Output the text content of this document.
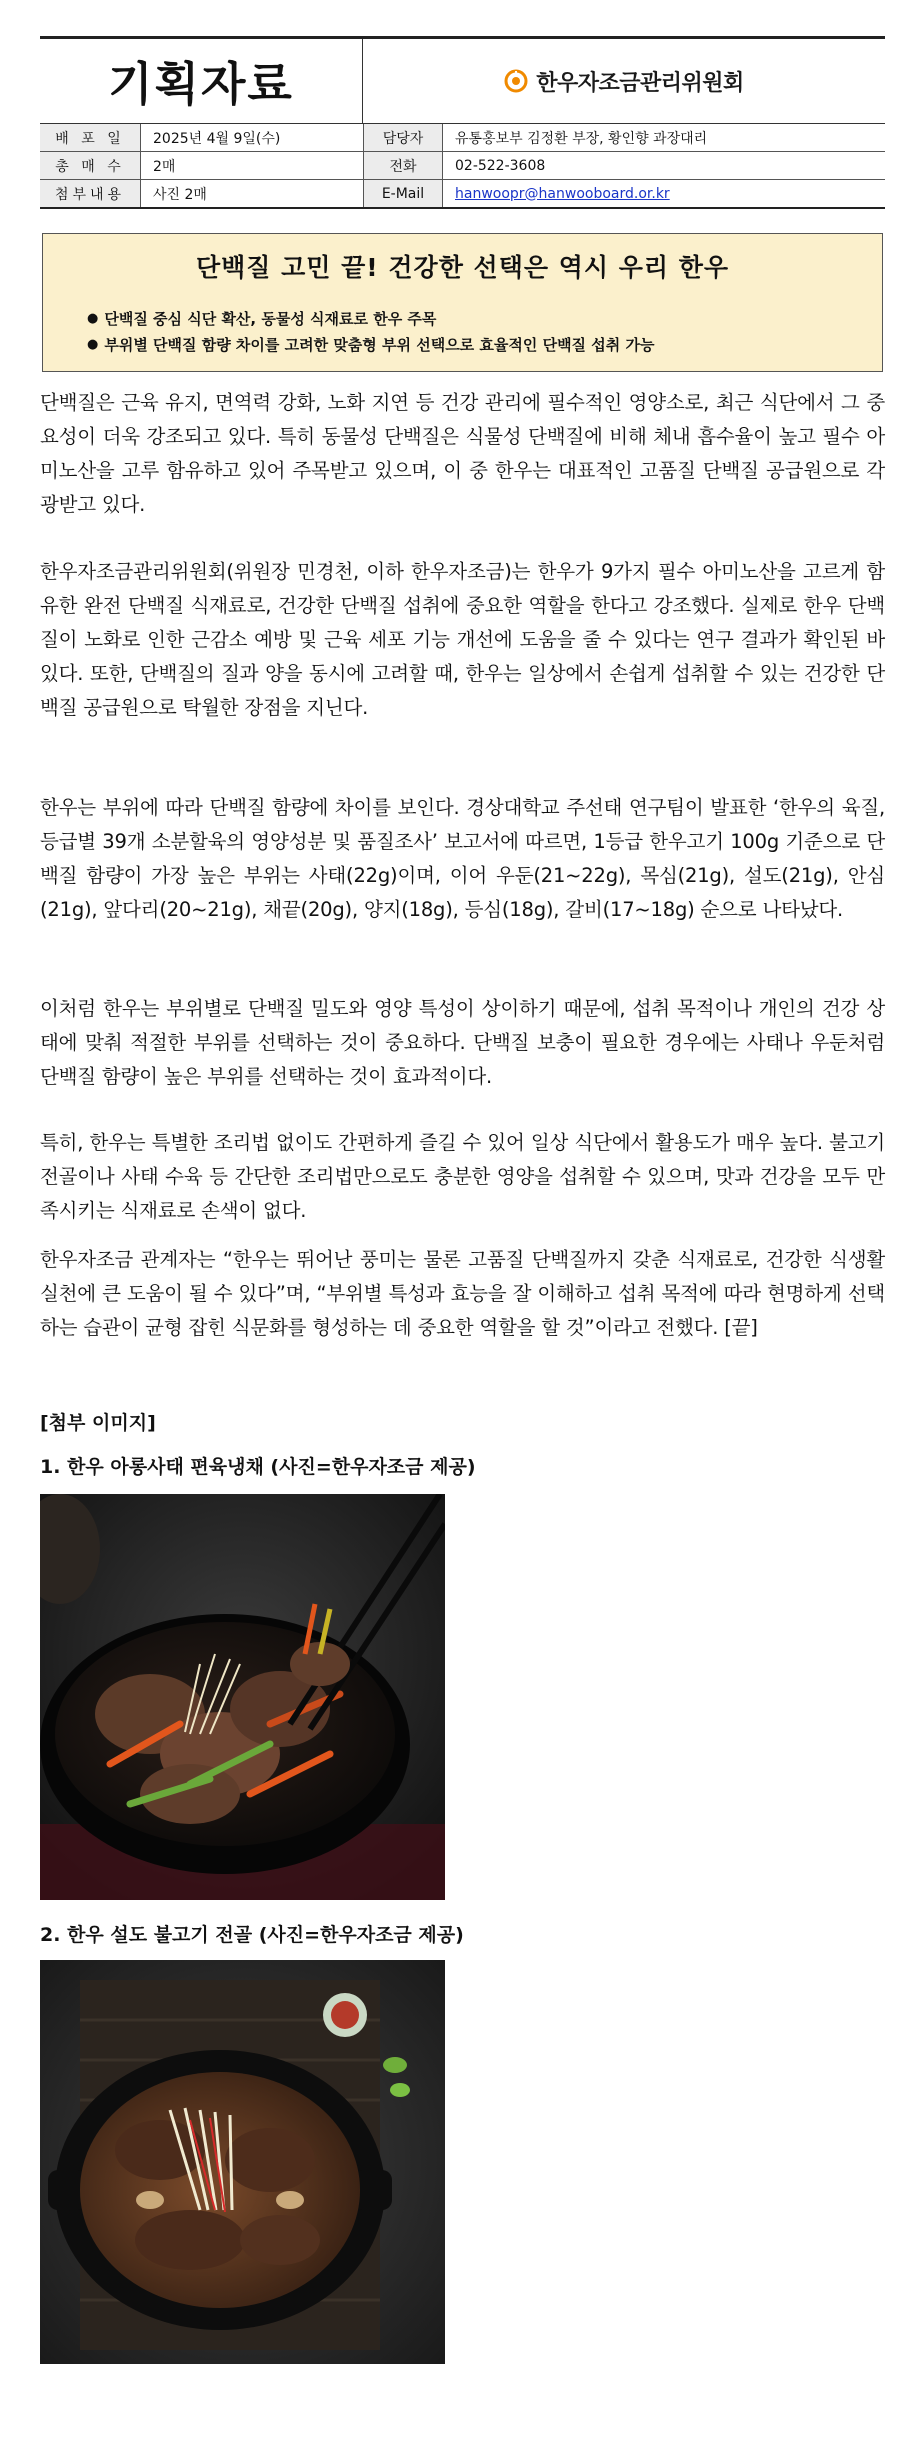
기획자료	한우자조금관리위원회
배 포 일	2025년 4월 9일(수)	담당자	유통홍보부 김정환 부장, 황인향 과장대리
총 매 수	2매	전화	02-522-3608
첨부내용	사진 2매	E-Mail	hanwoopr@hanwooboard.or.kr
단백질 고민 끝! 건강한 선택은 역시 우리 한우
● 단백질 중심 식단 확산, 동물성 식재료로 한우 주목
● 부위별 단백질 함량 차이를 고려한 맞춤형 부위 선택으로 효율적인 단백질 섭취 가능

단백질은 근육 유지, 면역력 강화, 노화 지연 등 건강 관리에 필수적인 영양소로, 최근 식단에서 그 중요성이 더욱 강조되고 있다. 특히 동물성 단백질은 식물성 단백질에 비해 체내 흡수율이 높고 필수 아미노산을 고루 함유하고 있어 주목받고 있으며, 이 중 한우는 대표적인 고품질 단백질 공급원으로 각광받고 있다.

한우자조금관리위원회(위원장 민경천, 이하 한우자조금)는 한우가 9가지 필수 아미노산을 고르게 함유한 완전 단백질 식재료로, 건강한 단백질 섭취에 중요한 역할을 한다고 강조했다. 실제로 한우 단백질이 노화로 인한 근감소 예방 및 근육 세포 기능 개선에 도움을 줄 수 있다는 연구 결과가 확인된 바 있다. 또한, 단백질의 질과 양을 동시에 고려할 때, 한우는 일상에서 손쉽게 섭취할 수 있는 건강한 단백질 공급원으로 탁월한 장점을 지닌다.

한우는 부위에 따라 단백질 함량에 차이를 보인다. 경상대학교 주선태 연구팀이 발표한 ‘한우의 육질, 등급별 39개 소분할육의 영양성분 및 품질조사’ 보고서에 따르면, 1등급 한우고기 100g 기준으로 단백질 함량이 가장 높은 부위는 사태(22g)이며, 이어 우둔(21~22g), 목심(21g), 설도(21g), 안심(21g), 앞다리(20~21g), 채끝(20g), 양지(18g), 등심(18g), 갈비(17~18g) 순으로 나타났다.

이처럼 한우는 부위별로 단백질 밀도와 영양 특성이 상이하기 때문에, 섭취 목적이나 개인의 건강 상태에 맞춰 적절한 부위를 선택하는 것이 중요하다. 단백질 보충이 필요한 경우에는 사태나 우둔처럼 단백질 함량이 높은 부위를 선택하는 것이 효과적이다.

특히, 한우는 특별한 조리법 없이도 간편하게 즐길 수 있어 일상 식단에서 활용도가 매우 높다. 불고기 전골이나 사태 수육 등 간단한 조리법만으로도 충분한 영양을 섭취할 수 있으며, 맛과 건강을 모두 만족시키는 식재료로 손색이 없다.

한우자조금 관계자는 “한우는 뛰어난 풍미는 물론 고품질 단백질까지 갖춘 식재료로, 건강한 식생활 실천에 큰 도움이 될 수 있다”며, “부위별 특성과 효능을 잘 이해하고 섭취 목적에 따라 현명하게 선택하는 습관이 균형 잡힌 식문화를 형성하는 데 중요한 역할을 할 것”이라고 전했다. [끝]

[첨부 이미지]
1. 한우 아롱사태 편육냉채 (사진=한우자조금 제공)
2. 한우 설도 불고기 전골 (사진=한우자조금 제공)
